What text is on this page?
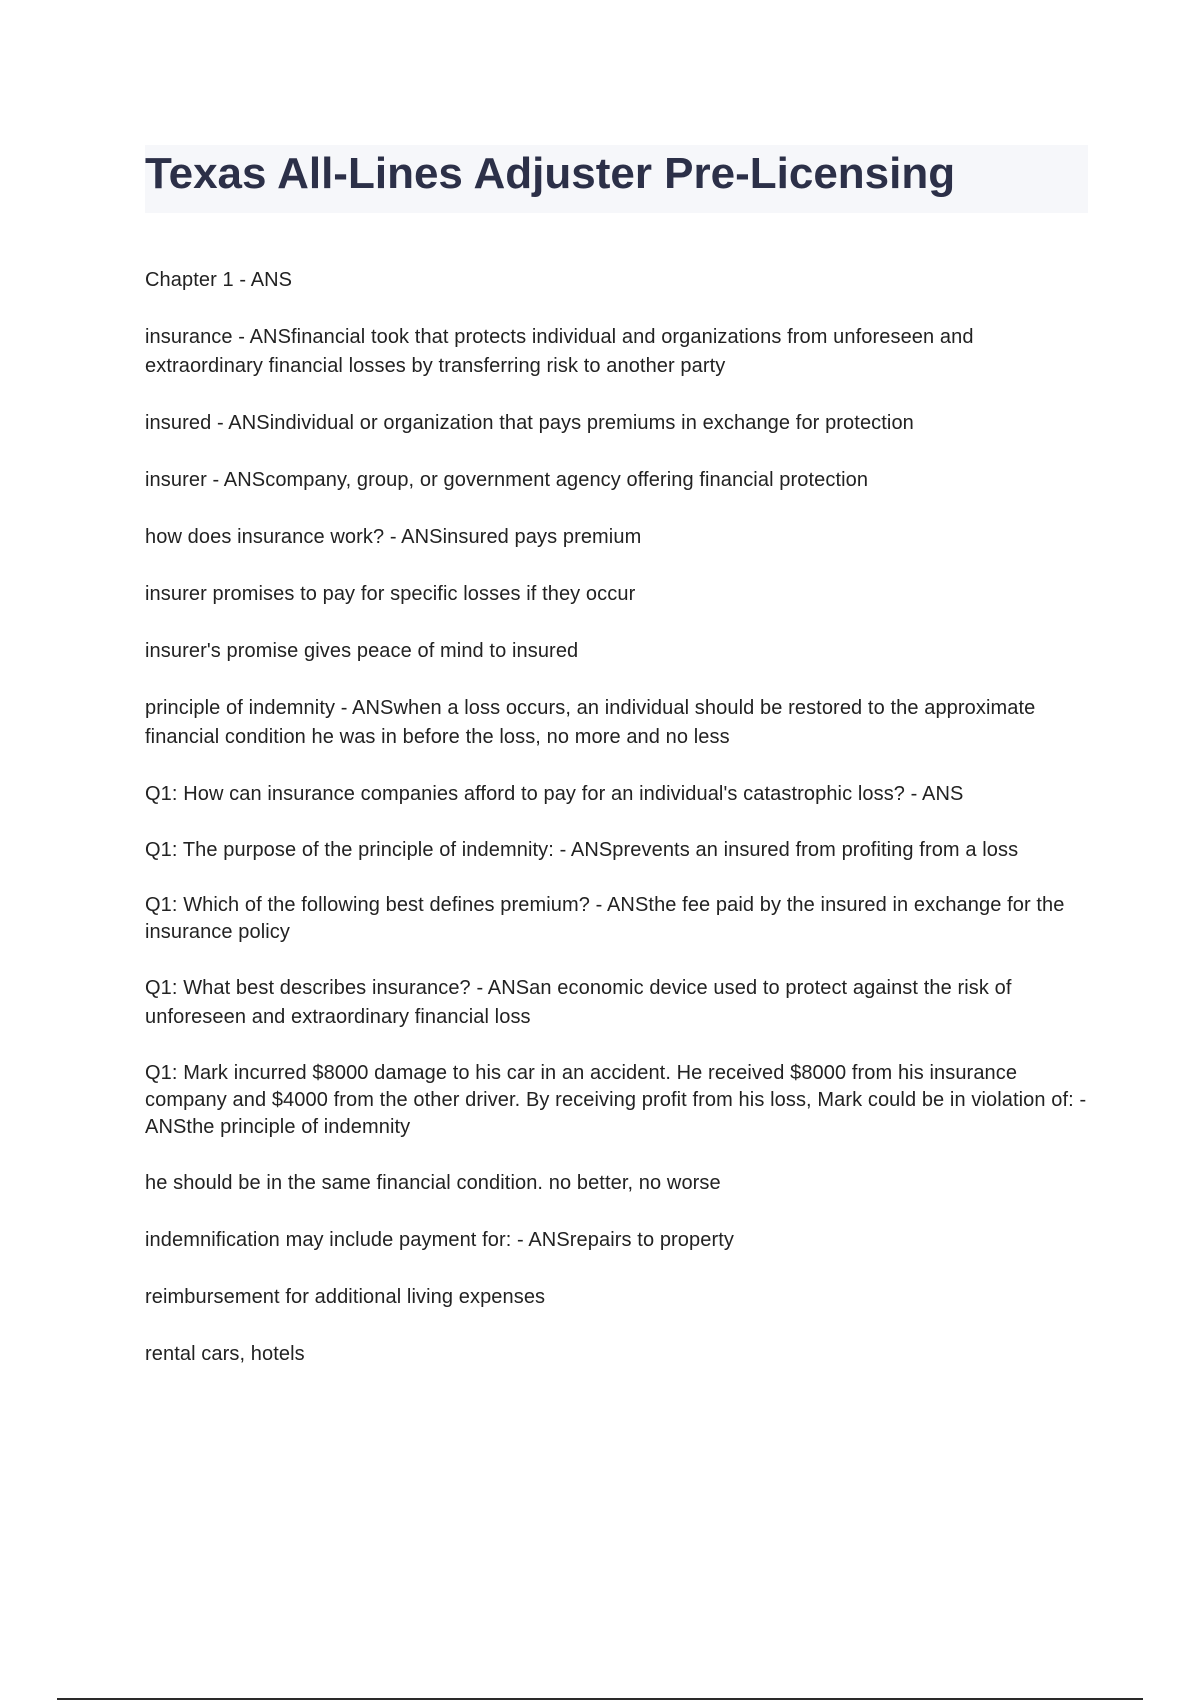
Texas All-Lines Adjuster Pre-Licensing

Chapter 1 - ANS

insurance - ANSfinancial took that protects individual and organizations from unforeseen and extraordinary financial losses by transferring risk to another party

insured - ANSindividual or organization that pays premiums in exchange for protection

insurer - ANScompany, group, or government agency offering financial protection

how does insurance work? - ANSinsured pays premium

insurer promises to pay for specific losses if they occur

insurer's promise gives peace of mind to insured

principle of indemnity - ANSwhen a loss occurs, an individual should be restored to the approximate financial condition he was in before the loss, no more and no less

Q1: How can insurance companies afford to pay for an individual's catastrophic loss? - ANS

Q1: The purpose of the principle of indemnity: - ANSprevents an insured from profiting from a loss

Q1: Which of the following best defines premium? - ANSthe fee paid by the insured in exchange for the insurance policy

Q1: What best describes insurance? - ANSan economic device used to protect against the risk of unforeseen and extraordinary financial loss

Q1: Mark incurred $8000 damage to his car in an accident. He received $8000 from his insurance company and $4000 from the other driver. By receiving profit from his loss, Mark could be in violation of: - ANSthe principle of indemnity

he should be in the same financial condition. no better, no worse

indemnification may include payment for: - ANSrepairs to property

reimbursement for additional living expenses

rental cars, hotels
